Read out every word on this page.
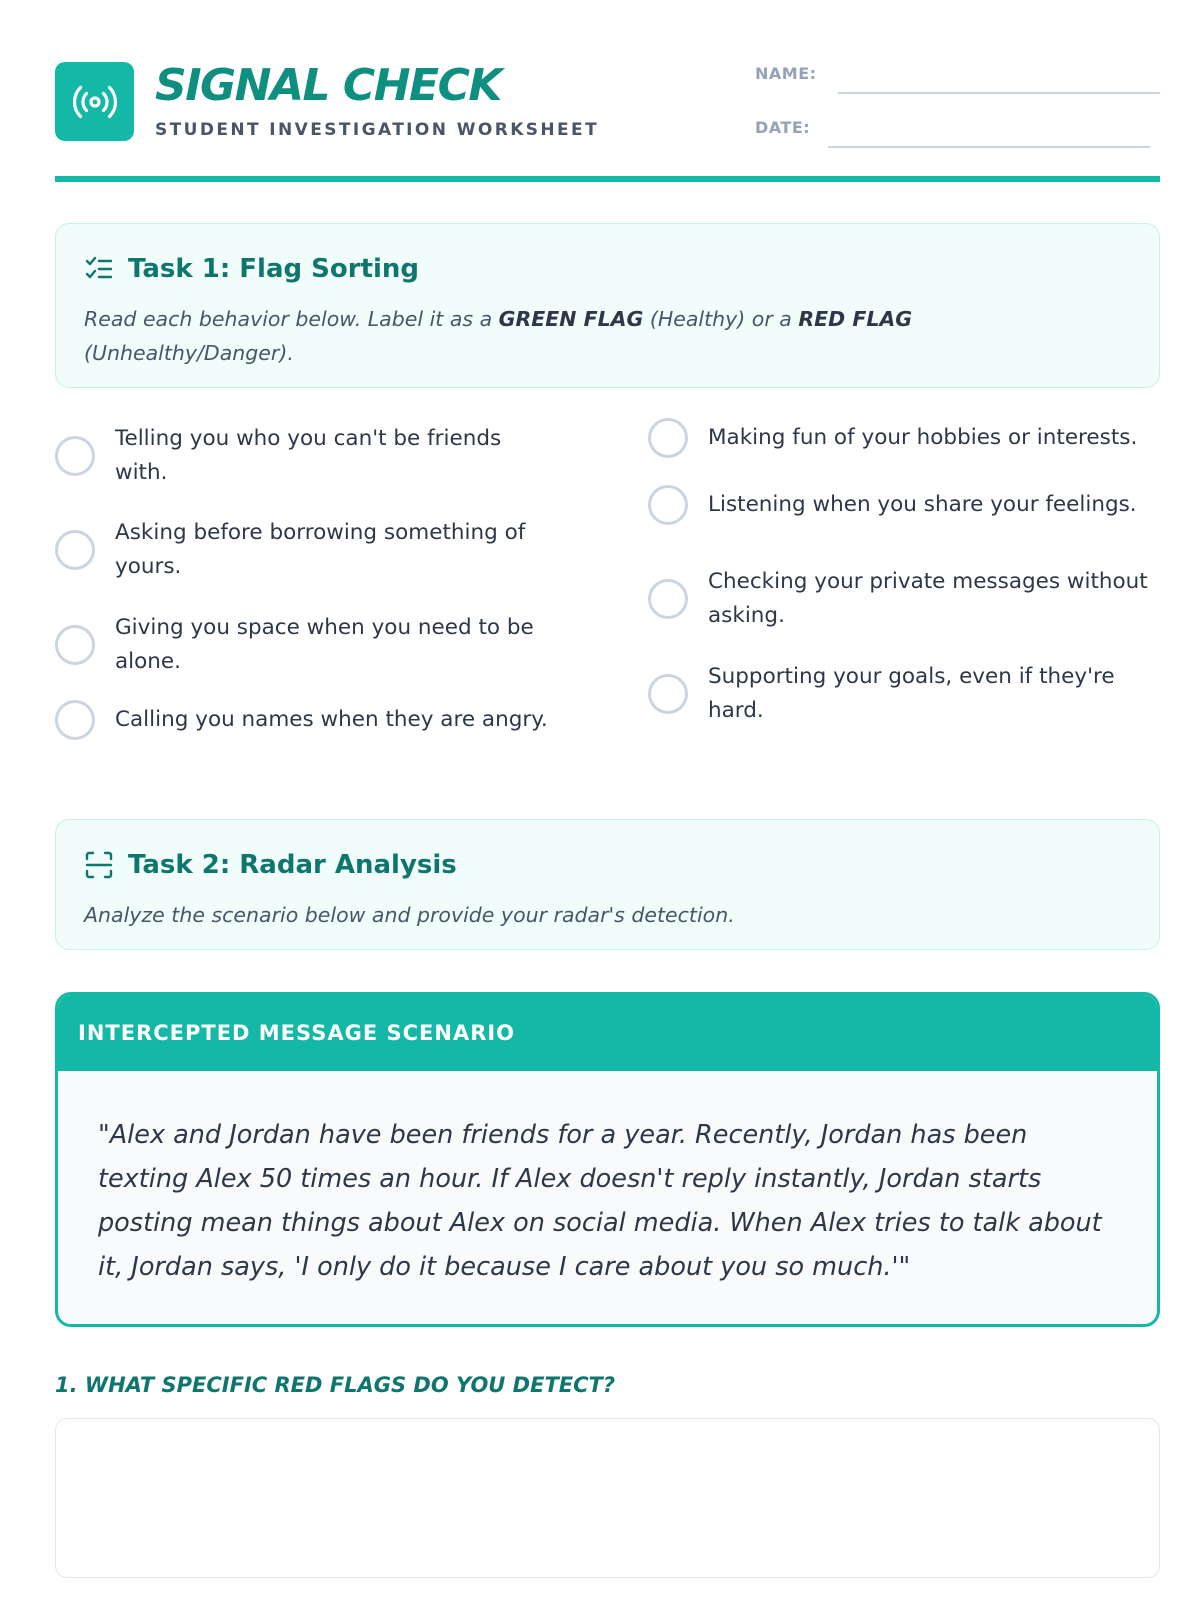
SIGNAL CHECK
STUDENT INVESTIGATION WORKSHEET
NAME:
DATE:
Task 1: Flag Sorting
Read each behavior below. Label it as a GREEN FLAG (Healthy) or a RED FLAG (Unhealthy/Danger).
Telling you who you can't be friends with.
Asking before borrowing something of yours.
Giving you space when you need to be alone.
Calling you names when they are angry.
Making fun of your hobbies or interests.
Listening when you share your feelings.
Checking your private messages without asking.
Supporting your goals, even if they're hard.
Task 2: Radar Analysis
Analyze the scenario below and provide your radar's detection.
INTERCEPTED MESSAGE SCENARIO
"Alex and Jordan have been friends for a year. Recently, Jordan has been texting Alex 50 times an hour. If Alex doesn't reply instantly, Jordan starts posting mean things about Alex on social media. When Alex tries to talk about it, Jordan says, 'I only do it because I care about you so much.'"
1. WHAT SPECIFIC RED FLAGS DO YOU DETECT?
